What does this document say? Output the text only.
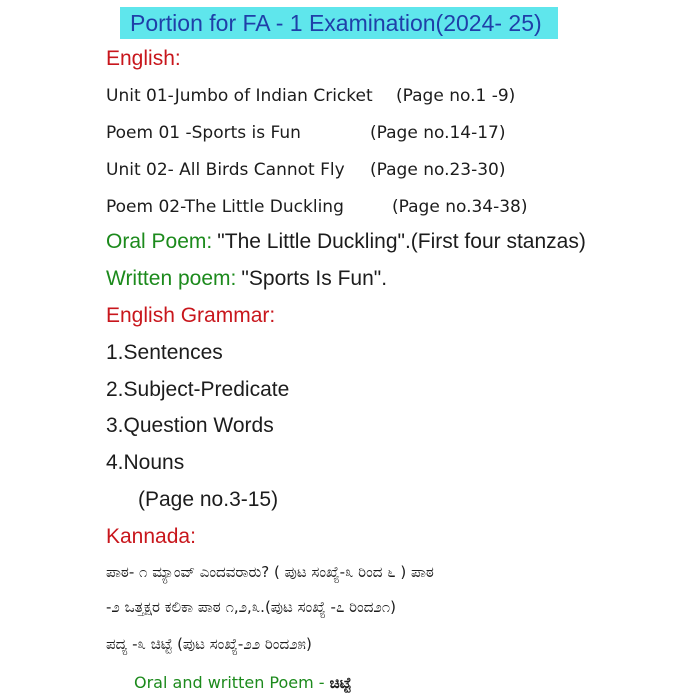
Portion for FA - 1 Examination(2024- 25)
English:
Unit 01-Jumbo of Indian Cricket (Page no.1 -9)
Poem 01 -Sports is Fun	(Page no.14-17)
Unit 02- All Birds Cannot Fly (Page no.23-30)
Poem 02-The Little Duckling	(Page no.34-38)
Oral Poem: "The Little Duckling".(First four stanzas)
Written poem: "Sports Is Fun".
English Grammar:
1.Sentences
2.Subject-Predicate
3.Question Words
4.Nouns
(Page no.3-15)
Kannada:
ಪಾಠ- ೧ ಮ್ಯಾಂವ್ ಎಂದವರಾರು? ( ಪುಟ ಸಂಖ್ಯೆ-೩ ರಿಂದ ೬ ) ಪಾಠ
-೨ ಒತ್ತಕ್ಷರ ಕಲಿಕಾ ಪಾಠ ೧,೨,೩.(ಪುಟ ಸಂಖ್ಯೆ -೭ ರಿಂದ೨೧)
ಪದ್ಯ -೩ ಚಿಟ್ಟೆ (ಪುಟ ಸಂಖ್ಯೆ-೨೨ ರಿಂದ೨೫)
Oral and written Poem - ಚಿಟ್ಟೆ
